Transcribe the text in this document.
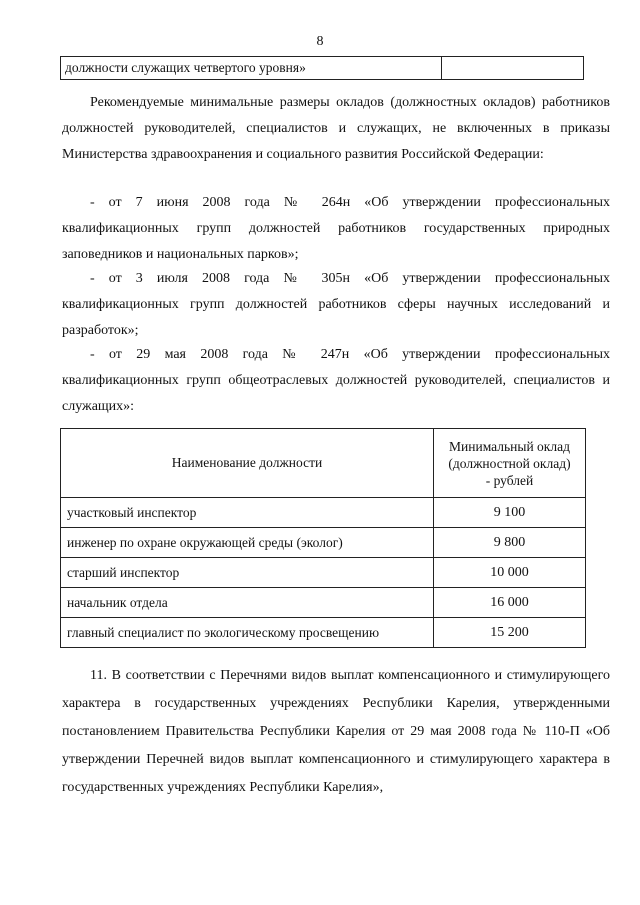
8
должности служащих четвертого уровня»	

Рекомендуемые минимальные размеры окладов (должностных окладов) работников должностей руководителей, специалистов и служащих, не включенных в приказы Министерства здравоохранения и социального развития Российской Федерации:

- от 7 июня 2008 года № 264н «Об утверждении профессиональных квалификационных групп должностей работников государственных природных заповедников и национальных парков»;

- от 3 июля 2008 года № 305н «Об утверждении профессиональных квалификационных групп должностей работников сферы научных исследований и разработок»;

- от 29 мая 2008 года № 247н «Об утверждении профессиональных квалификационных групп общеотраслевых должностей руководителей, специалистов и служащих»:

Наименование должности	Минимальный оклад
(должностной оклад)
- рублей

участковый инспектор	9 100
инженер по охране окружающей среды (эколог)	9 800
старший инспектор	10 000
начальник отдела	16 000
главный специалист по экологическому просвещению	15 200

11. В соответствии с Перечнями видов выплат компенсационного и стимулирующего характера в государственных учреждениях Республики Карелия, утвержденными постановлением Правительства Республики Карелия от 29 мая 2008 года № 110-П «Об утверждении Перечней видов выплат компенсационного и стимулирующего характера в государственных учреждениях Республики Карелия»,
